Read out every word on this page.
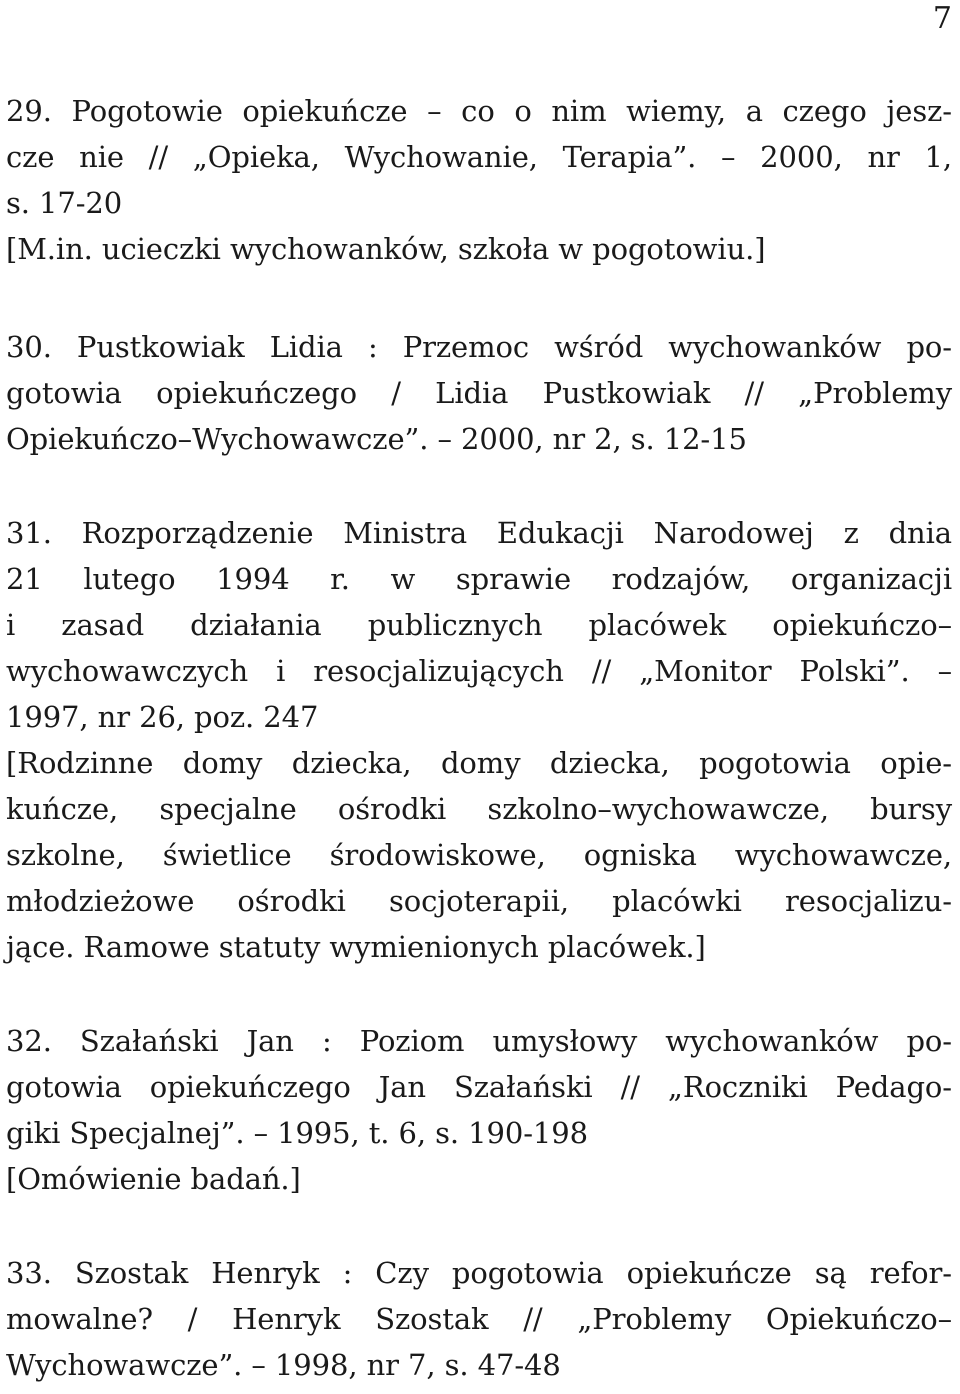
7
29. Pogotowie opiekuńcze – co o nim wiemy, a czego jesz-
cze nie // „Opieka, Wychowanie, Terapia”. – 2000, nr 1,
s. 17-20
[M.in. ucieczki wychowanków, szkoła w pogotowiu.]
30. Pustkowiak Lidia : Przemoc wśród wychowanków po-
gotowia opiekuńczego / Lidia Pustkowiak // „Problemy
Opiekuńczo–Wychowawcze”. – 2000, nr 2, s. 12-15
31. Rozporządzenie Ministra Edukacji Narodowej z dnia
21 lutego 1994 r. w sprawie rodzajów, organizacji
i zasad działania publicznych placówek opiekuńczo–
wychowawczych i resocjalizujących // „Monitor Polski”. –
1997, nr 26, poz. 247
[Rodzinne domy dziecka, domy dziecka, pogotowia opie-
kuńcze, specjalne ośrodki szkolno–wychowawcze, bursy
szkolne, świetlice środowiskowe, ogniska wychowawcze,
młodzieżowe ośrodki socjoterapii, placówki resocjalizu-
jące. Ramowe statuty wymienionych placówek.]
32. Szałański Jan : Poziom umysłowy wychowanków po-
gotowia opiekuńczego Jan Szałański // „Roczniki Pedago-
giki Specjalnej”. – 1995, t. 6, s. 190-198
[Omówienie badań.]
33. Szostak Henryk : Czy pogotowia opiekuńcze są refor-
mowalne? / Henryk Szostak // „Problemy Opiekuńczo–
Wychowawcze”. – 1998, nr 7, s. 47-48
